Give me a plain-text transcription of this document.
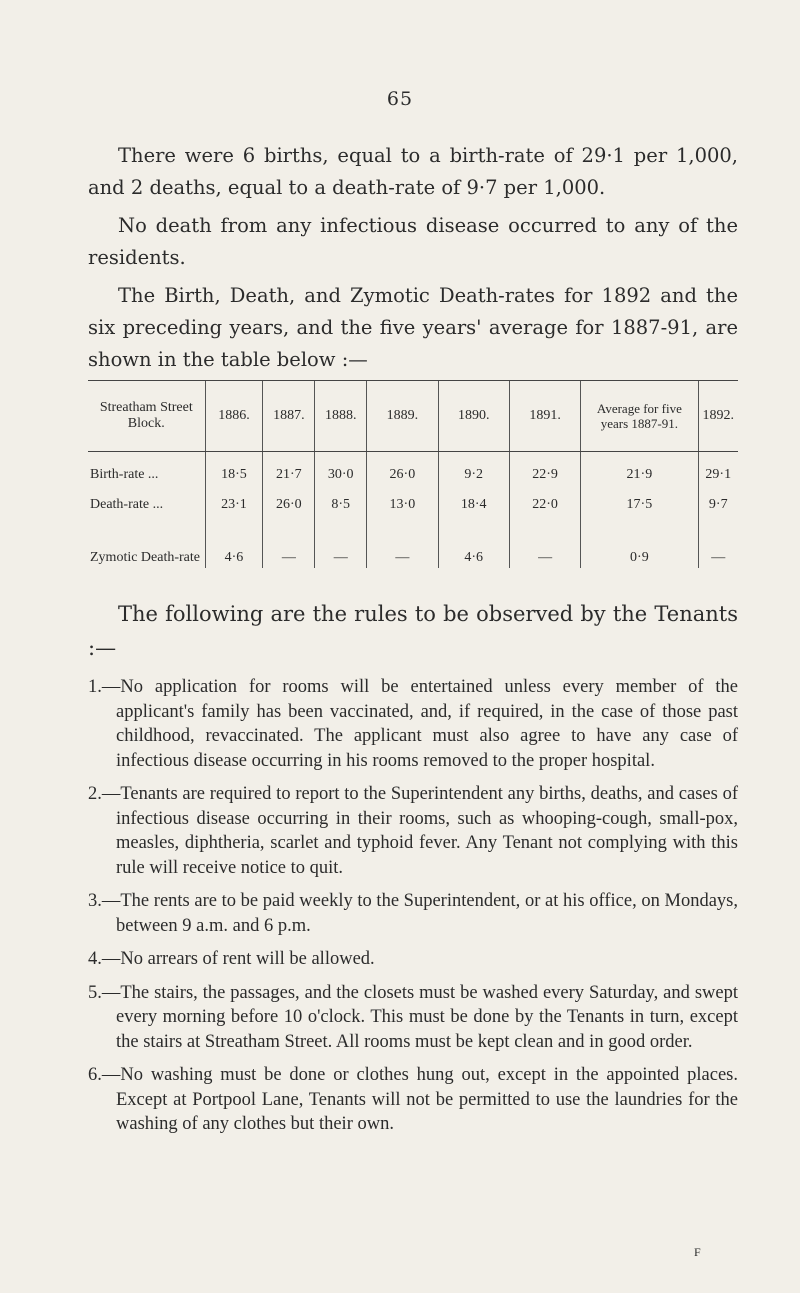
65

There were 6 births, equal to a birth-rate of 29·1 per 1,000, and 2 deaths, equal to a death-rate of 9·7 per 1,000.

No death from any infectious disease occurred to any of the residents.

The Birth, Death, and Zymotic Death-rates for 1892 and the six preceding years, and the five years' average for 1887-91, are shown in the table below :—

Streatham Street Block.	1886.	1887.	1888.	1889.	1890.	1891.	Average for five years 1887-91.	1892.

Birth-rate ...	18·5	21·7	30·0	26·0	9·2	22·9	21·9	29·1
Death-rate ...	23·1	26·0	8·5	13·0	18·4	22·0	17·5	9·7
Zymotic Death-rate	4·6	—	—	—	4·6	—	0·9	—

The following are the rules to be observed by the Tenants :—

1.—No application for rooms will be entertained unless every member of the applicant's family has been vaccinated, and, if required, in the case of those past childhood, revaccinated. The applicant must also agree to have any case of infectious disease occurring in his rooms removed to the proper hospital.
2.—Tenants are required to report to the Superintendent any births, deaths, and cases of infectious disease occurring in their rooms, such as whooping-cough, small-pox, measles, diphtheria, scarlet and typhoid fever. Any Tenant not complying with this rule will receive notice to quit.
3.—The rents are to be paid weekly to the Superintendent, or at his office, on Mondays, between 9 a.m. and 6 p.m.
4.—No arrears of rent will be allowed.
5.—The stairs, the passages, and the closets must be washed every Saturday, and swept every morning before 10 o'clock. This must be done by the Tenants in turn, except the stairs at Streatham Street. All rooms must be kept clean and in good order.
6.—No washing must be done or clothes hung out, except in the appointed places. Except at Portpool Lane, Tenants will not be permitted to use the laundries for the washing of any clothes but their own.
F
